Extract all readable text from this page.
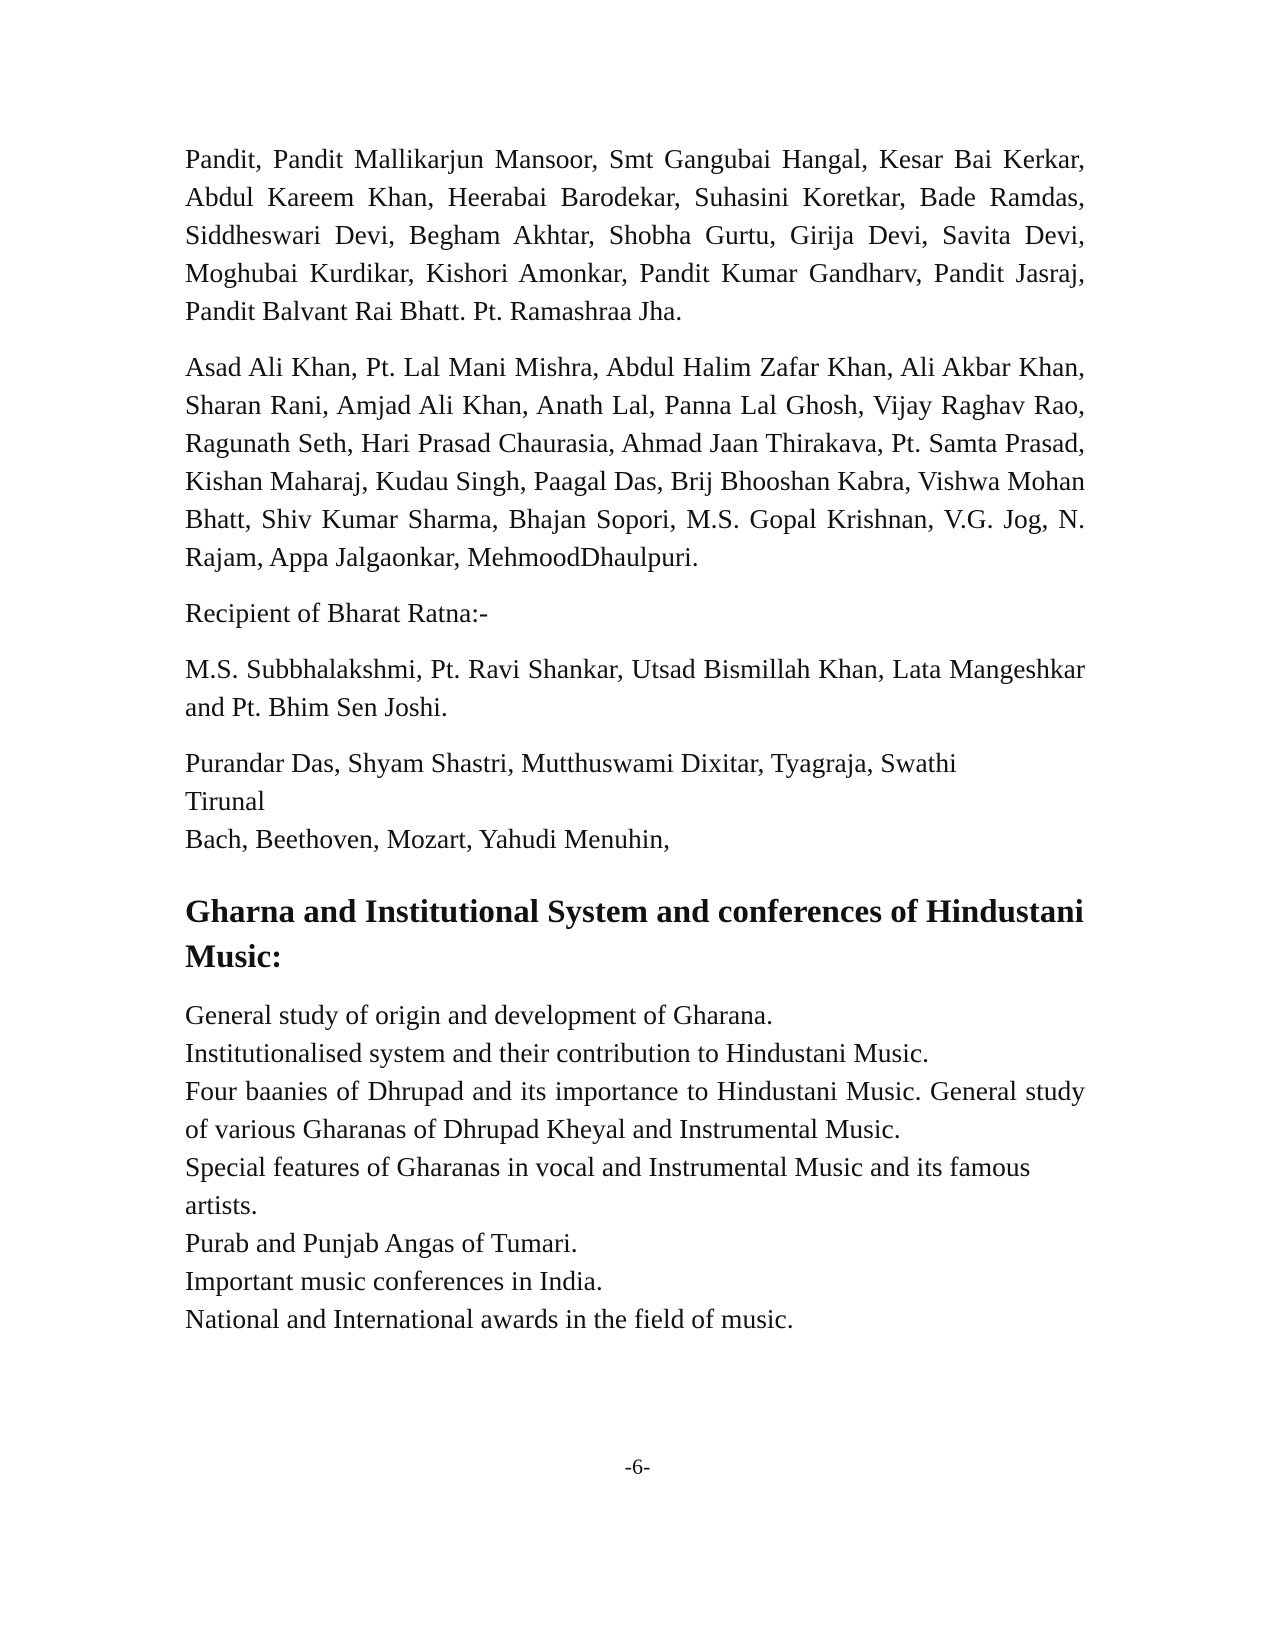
Pandit, Pandit Mallikarjun Mansoor, Smt Gangubai Hangal, Kesar Bai Kerkar, Abdul Kareem Khan, Heerabai Barodekar, Suhasini Koretkar, Bade Ramdas, Siddheswari Devi, Begham Akhtar, Shobha Gurtu, Girija Devi, Savita Devi, Moghubai Kurdikar, Kishori Amonkar, Pandit Kumar Gandharv, Pandit Jasraj, Pandit Balvant Rai Bhatt. Pt. Ramashraa Jha.

Asad Ali Khan, Pt. Lal Mani Mishra, Abdul Halim Zafar Khan, Ali Akbar Khan, Sharan Rani, Amjad Ali Khan, Anath Lal, Panna Lal Ghosh, Vijay Raghav Rao, Ragunath Seth, Hari Prasad Chaurasia, Ahmad Jaan Thirakava, Pt. Samta Prasad, Kishan Maharaj, Kudau Singh, Paagal Das, Brij Bhooshan Kabra, Vishwa Mohan Bhatt, Shiv Kumar Sharma, Bhajan Sopori, M.S. Gopal Krishnan, V.G. Jog, N. Rajam, Appa Jalgaonkar, MehmoodDhaulpuri.

Recipient of Bharat Ratna:-

M.S. Subbhalakshmi, Pt. Ravi Shankar, Utsad Bismillah Khan, Lata Mangeshkar and Pt. Bhim Sen Joshi.

Purandar Das, Shyam Shastri, Mutthuswami Dixitar, Tyagraja, Swathi

Tirunal

Bach, Beethoven, Mozart, Yahudi Menuhin,

Gharna and Institutional System and conferences of Hindustani Music:

General study of origin and development of Gharana.

Institutionalised system and their contribution to Hindustani Music.

Four baanies of Dhrupad and its importance to Hindustani Music. General study of various Gharanas of Dhrupad Kheyal and Instrumental Music.

Special features of Gharanas in vocal and Instrumental Music and its famous artists.

Purab and Punjab Angas of Tumari.

Important music conferences in India.

National and International awards in the field of music.

-6-
